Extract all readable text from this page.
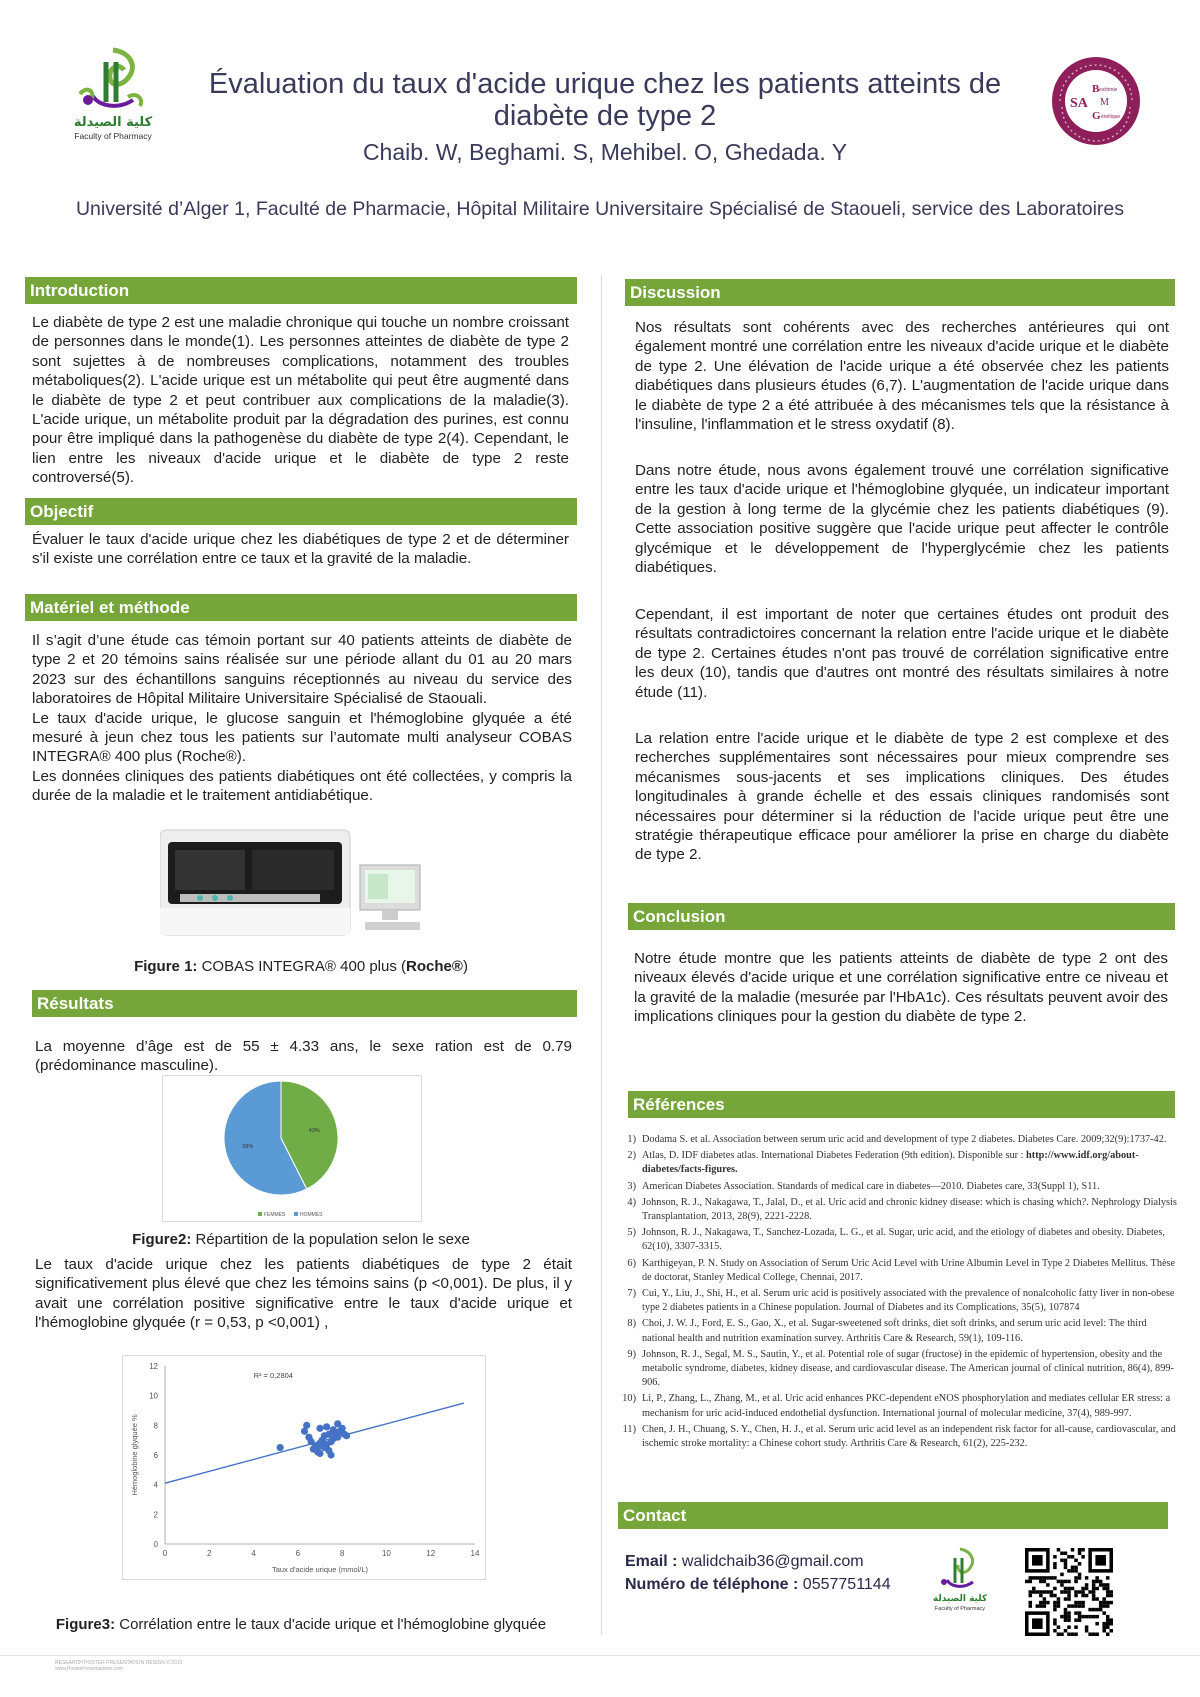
كلية الصيدلة
Faculty of Pharmacy
Évaluation du taux d'acide urique chez les patients atteints de diabète de type 2
Chaib. W, Beghami. S, Mehibel. O, Ghedada. Y
B iochimie
SA M
G énétique
Université d’Alger 1, Faculté de Pharmacie, Hôpital Militaire Universitaire Spécialisé de Staoueli, service des Laboratoires
Introduction
Le diabète de type 2 est une maladie chronique qui touche un nombre croissant de personnes dans le monde(1). Les personnes atteintes de diabète de type 2 sont sujettes à de nombreuses complications, notamment des troubles métaboliques(2). L'acide urique est un métabolite qui peut être augmenté dans le diabète de type 2 et peut contribuer aux complications de la maladie(3). L'acide urique, un métabolite produit par la dégradation des purines, est connu pour être impliqué dans la pathogenèse du diabète de type 2(4). Cependant, le lien entre les niveaux d'acide urique et le diabète de type 2 reste controversé(5).
Objectif
Évaluer le taux d'acide urique chez les diabétiques de type 2 et de déterminer s'il existe une corrélation entre ce taux et la gravité de la maladie.
Matériel et méthode
Il s’agit d’une étude cas témoin portant sur 40 patients atteints de diabète de type 2 et 20 témoins sains réalisée sur une période allant du 01 au 20 mars 2023 sur des échantillons sanguins réceptionnés au niveau du service des laboratoires de Hôpital Militaire Universitaire Spécialisé de Staouali.
Le taux d'acide urique, le glucose sanguin et l'hémoglobine glyquée a été mesuré à jeun chez tous les patients sur l’automate multi analyseur COBAS INTEGRA® 400 plus (Roche®).
Les données cliniques des patients diabétiques ont été collectées, y compris la durée de la maladie et le traitement antidiabétique.
Figure 1: COBAS INTEGRA® 400 plus (Roche®)
Résultats
La moyenne d’âge est de 55 ± 4.33 ans, le sexe ration est de 0.79 (prédominance masculine).
43%
58%
FEMMES	HOMMES
Figure2: Répartition de la population selon le sexe
Le taux d'acide urique chez les patients diabétiques de type 2 était significativement plus élevé que chez les témoins sains (p <0,001). De plus, il y avait une corrélation positive significative entre le taux d'acide urique et l'hémoglobine glyquée (r = 0,53, p <0,001) ,
0
2
4
6
8
10
12
0	2	4	6	8	10	12	14
Taux d'acide urique (mmol/L)
Hémoglobine glyquée %
R² = 0,2804
Figure3: Corrélation entre le taux d'acide urique et l'hémoglobine glyquée
Discussion
Nos résultats sont cohérents avec des recherches antérieures qui ont également montré une corrélation entre les niveaux d'acide urique et le diabète de type 2. Une élévation de l'acide urique a été observée chez les patients diabétiques dans plusieurs études (6,7). L'augmentation de l'acide urique dans le diabète de type 2 a été attribuée à des mécanismes tels que la résistance à l'insuline, l'inflammation et le stress oxydatif (8).
Dans notre étude, nous avons également trouvé une corrélation significative entre les taux d'acide urique et l'hémoglobine glyquée, un indicateur important de la gestion à long terme de la glycémie chez les patients diabétiques (9). Cette association positive suggère que l'acide urique peut affecter le contrôle glycémique et le développement de l'hyperglycémie chez les patients diabétiques.
Cependant, il est important de noter que certaines études ont produit des résultats contradictoires concernant la relation entre l'acide urique et le diabète de type 2. Certaines études n'ont pas trouvé de corrélation significative entre les deux (10), tandis que d'autres ont montré des résultats similaires à notre étude (11).
La relation entre l'acide urique et le diabète de type 2 est complexe et des recherches supplémentaires sont nécessaires pour mieux comprendre ses mécanismes sous-jacents et ses implications cliniques. Des études longitudinales à grande échelle et des essais cliniques randomisés sont nécessaires pour déterminer si la réduction de l'acide urique peut être une stratégie thérapeutique efficace pour améliorer la prise en charge du diabète de type 2.
Conclusion
Notre étude montre que les patients atteints de diabète de type 2 ont des niveaux élevés d'acide urique et une corrélation significative entre ce niveau et la gravité de la maladie (mesurée par l'HbA1c). Ces résultats peuvent avoir des implications cliniques pour la gestion du diabète de type 2.
Références
1) Dodama S. et al. Association between serum uric acid and development of type 2 diabetes. Diabetes Care. 2009;32(9):1737-42.
2) Atlas, D. IDF diabetes atlas. International Diabetes Federation (9th edition). Disponible sur : http://www.idf.org/about-diabetes/facts-figures.
3) American Diabetes Association. Standards of medical care in diabetes—2010. Diabetes care, 33(Suppl 1), S11.
4) Johnson, R. J., Nakagawa, T., Jalal, D., et al. Uric acid and chronic kidney disease: which is chasing which?. Nephrology Dialysis Transplantation, 2013, 28(9), 2221-2228.
5) Johnson, R. J., Nakagawa, T., Sanchez-Lozada, L. G., et al. Sugar, uric acid, and the etiology of diabetes and obesity. Diabetes, 62(10), 3307-3315.
6) Karthigeyan, P. N. Study on Association of Serum Uric Acid Level with Urine Albumin Level in Type 2 Diabetes Mellitus. Thèse de doctorat, Stanley Medical College, Chennai, 2017.
7) Cui, Y., Liu, J., Shi, H., et al. Serum uric acid is positively associated with the prevalence of nonalcoholic fatty liver in non-obese type 2 diabetes patients in a Chinese population. Journal of Diabetes and its Complications, 35(5), 107874
8) Choi, J. W. J., Ford, E. S., Gao, X., et al. Sugar-sweetened soft drinks, diet soft drinks, and serum uric acid level: The third national health and nutrition examination survey. Arthritis Care & Research, 59(1), 109-116.
9) Johnson, R. J., Segal, M. S., Sautin, Y., et al. Potential role of sugar (fructose) in the epidemic of hypertension, obesity and the metabolic syndrome, diabetes, kidney disease, and cardiovascular disease. The American journal of clinical nutrition, 86(4), 899-906.
10) Li, P., Zhang, L., Zhang, M., et al. Uric acid enhances PKC-dependent eNOS phosphorylation and mediates cellular ER stress: a mechanism for uric acid-induced endothelial dysfunction. International journal of molecular medicine, 37(4), 989-997.
11) Chen, J. H., Chuang, S. Y., Chen, H. J., et al. Serum uric acid level as an independent risk factor for all-cause, cardiovascular, and ischemic stroke mortality: a Chinese cohort study. Arthritis Care & Research, 61(2), 225-232.
Contact
Email : walidchaib36@gmail.com
Numéro de téléphone : 0557751144
كلية الصيدلة
Faculty of Pharmacy
RESEARCH POSTER PRESENTATION DESIGN © 2019
www.PosterPresentations.com
